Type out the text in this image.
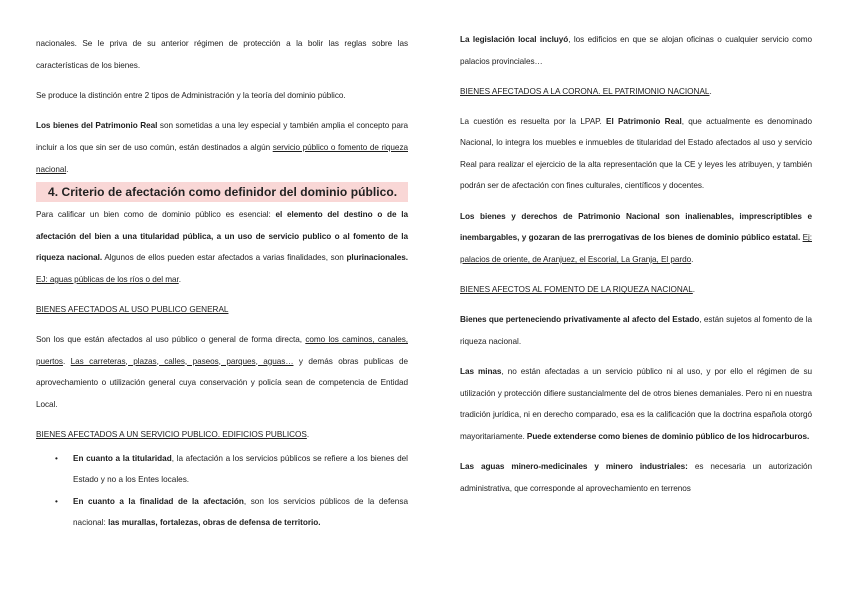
nacionales. Se le priva de su anterior régimen de protección a la bolir las reglas sobre las características de los bienes.

Se produce la distinción entre 2 tipos de Administración y la teoría del dominio público.

Los bienes del Patrimonio Real son sometidas a una ley especial y también amplia el concepto para incluir a los que sin ser de uso común, están destinados a algún servicio público o fomento de riqueza nacional.

4. Criterio de afectación como definidor del dominio público.

Para calificar un bien como de dominio público es esencial: el elemento del destino o de la afectación del bien a una titularidad pública, a un uso de servicio publico o al fomento de la riqueza nacional. Algunos de ellos pueden estar afectados a varias finalidades, son plurinacionales. EJ: aguas públicas de los ríos o del mar.

BIENES AFECTADOS AL USO PUBLICO GENERAL

Son los que están afectados al uso público o general de forma directa, como los caminos, canales, puertos. Las carreteras, plazas, calles, paseos, parques, aguas… y demás obras publicas de aprovechamiento o utilización general cuya conservación y policía sean de competencia de Entidad Local.

BIENES AFECTADOS A UN SERVICIO PUBLICO. EDIFICIOS PUBLICOS.
• En cuanto a la titularidad, la afectación a los servicios públicos se refiere a los bienes del Estado y no a los Entes locales.
• En cuanto a la finalidad de la afectación, son los servicios públicos de la defensa nacional: las murallas, fortalezas, obras de defensa de territorio.

La legislación local incluyó, los edificios en que se alojan oficinas o cualquier servicio como palacios provinciales…

BIENES AFECTADOS A LA CORONA. EL PATRIMONIO NACIONAL.

La cuestión es resuelta por la LPAP. El Patrimonio Real, que actualmente es denominado Nacional, lo integra los muebles e inmuebles de titularidad del Estado afectados al uso y servicio Real para realizar el ejercicio de la alta representación que la CE y leyes les atribuyen, y también podrán ser de afectación con fines culturales, científicos y docentes.

Los bienes y derechos de Patrimonio Nacional son inalienables, imprescriptibles e inembargables, y gozaran de las prerrogativas de los bienes de dominio público estatal. Ej: palacios de oriente, de Aranjuez, el Escorial, La Granja, El pardo.

BIENES AFECTOS AL FOMENTO DE LA RIQUEZA NACIONAL.

Bienes que perteneciendo privativamente al afecto del Estado, están sujetos al fomento de la riqueza nacional.

Las minas, no están afectadas a un servicio público ni al uso, y por ello el régimen de su utilización y protección difiere sustancialmente del de otros bienes demaniales. Pero ni en nuestra tradición jurídica, ni en derecho comparado, esa es la calificación que la doctrina española otorgó mayoritariamente. Puede extenderse como bienes de dominio público de los hidrocarburos.

Las aguas minero-medicinales y minero industriales: es necesaria un autorización administrativa, que corresponde al aprovechamiento en terrenos
